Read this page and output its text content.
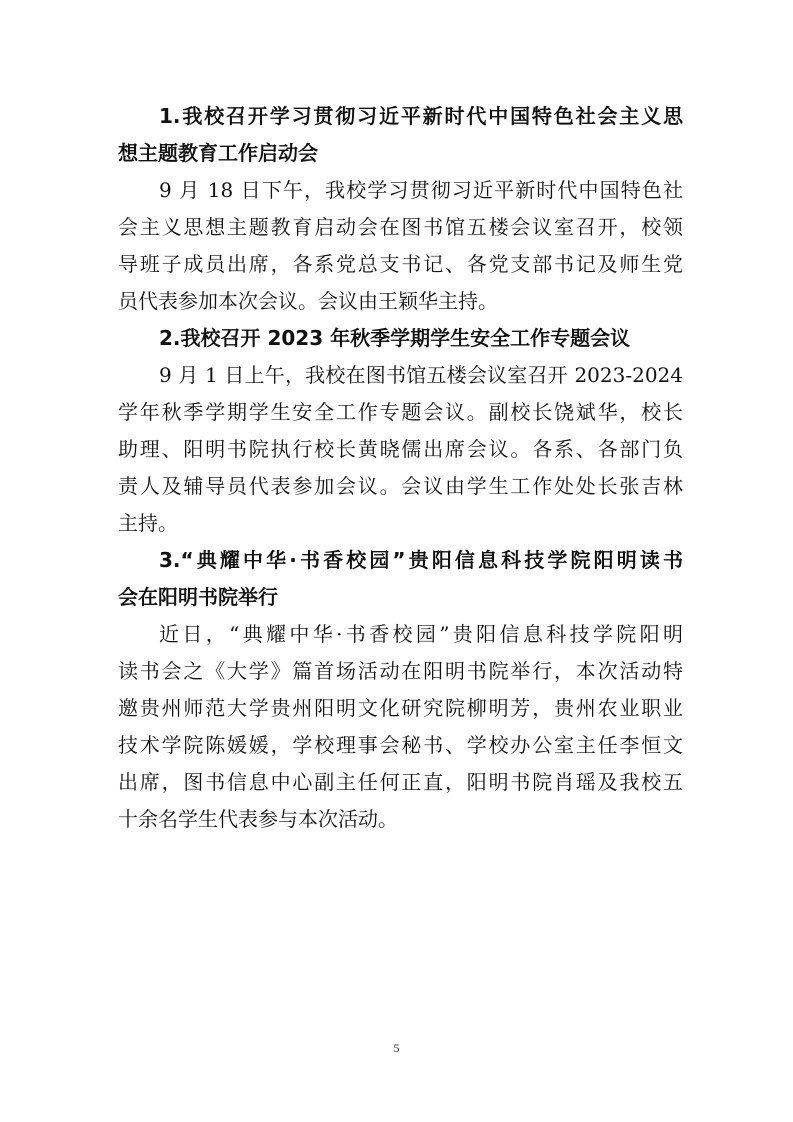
1.我校召开学习贯彻习近平新时代中国特色社会主义思
想主题教育工作启动会
9 月 18 日下午，我校学习贯彻习近平新时代中国特色社
会主义思想主题教育启动会在图书馆五楼会议室召开，校领
导班子成员出席，各系党总支书记、各党支部书记及师生党
员代表参加本次会议。会议由王颖华主持。
2.我校召开 2023 年秋季学期学生安全工作专题会议
9 月 1 日上午，我校在图书馆五楼会议室召开 2023-2024
学年秋季学期学生安全工作专题会议。副校长饶斌华，校长
助理、阳明书院执行校长黄晓儒出席会议。各系、各部门负
责人及辅导员代表参加会议。会议由学生工作处处长张吉林
主持。
3.“典耀中华·书香校园”贵阳信息科技学院阳明读书
会在阳明书院举行
近日，“典耀中华·书香校园”贵阳信息科技学院阳明
读书会之《大学》篇首场活动在阳明书院举行，本次活动特
邀贵州师范大学贵州阳明文化研究院柳明芳，贵州农业职业
技术学院陈媛媛，学校理事会秘书、学校办公室主任李恒文
出席，图书信息中心副主任何正直，阳明书院肖瑶及我校五
十余名学生代表参与本次活动。
5
